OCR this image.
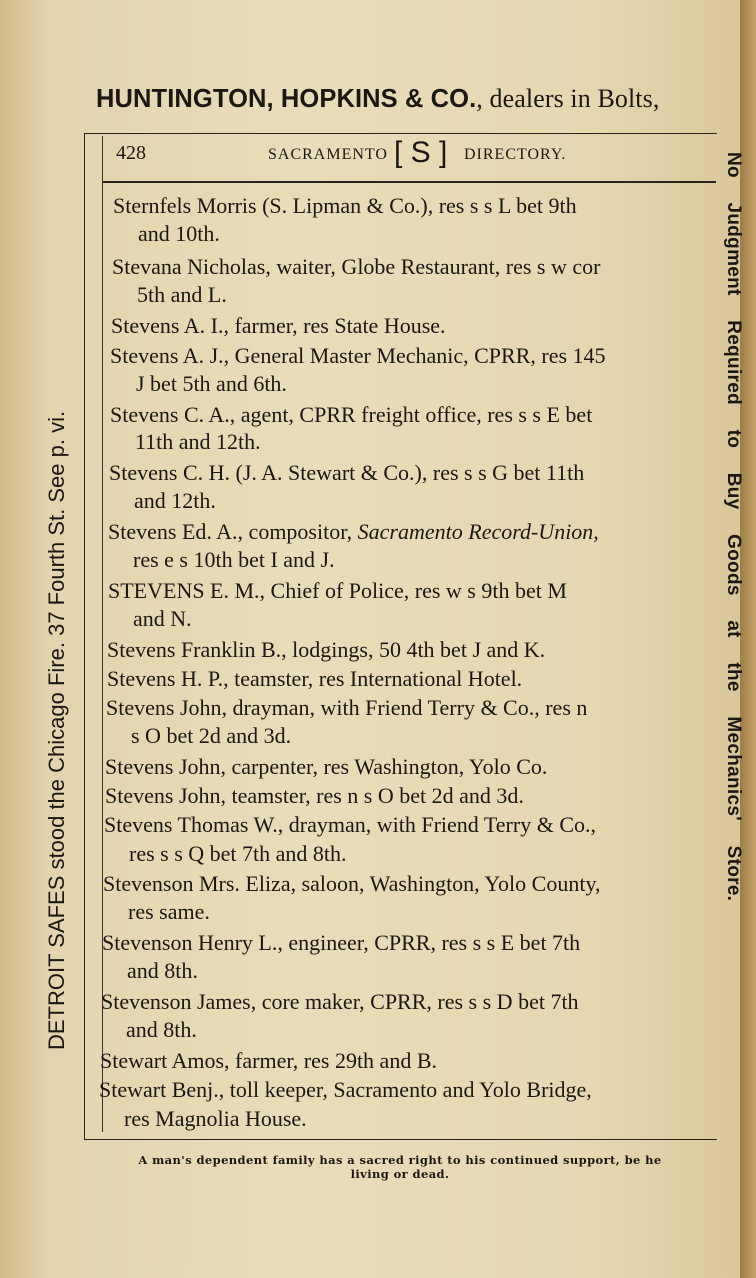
HUNTINGTON, HOPKINS & CO., dealers in Bolts,
428	SACRAMENTO [ S ] DIRECTORY.
Sternfels Morris (S. Lipman & Co.), res s s L bet 9th
and 10th.
Stevana Nicholas, waiter, Globe Restaurant, res s w cor
5th and L.
Stevens A. I., farmer, res State House.
Stevens A. J., General Master Mechanic, CPRR, res 145
J bet 5th and 6th.
Stevens C. A., agent, CPRR freight office, res s s E bet
11th and 12th.
Stevens C. H. (J. A. Stewart & Co.), res s s G bet 11th
and 12th.
Stevens Ed. A., compositor, Sacramento Record-Union,
res e s 10th bet I and J.
STEVENS E. M., Chief of Police, res w s 9th bet M
and N.
Stevens Franklin B., lodgings, 50 4th bet J and K.
Stevens H. P., teamster, res International Hotel.
Stevens John, drayman, with Friend Terry & Co., res n
s O bet 2d and 3d.
Stevens John, carpenter, res Washington, Yolo Co.
Stevens John, teamster, res n s O bet 2d and 3d.
Stevens Thomas W., drayman, with Friend Terry & Co.,
res s s Q bet 7th and 8th.
Stevenson Mrs. Eliza, saloon, Washington, Yolo County,
res same.
Stevenson Henry L., engineer, CPRR, res s s E bet 7th
and 8th.
Stevenson James, core maker, CPRR, res s s D bet 7th
and 8th.
Stewart Amos, farmer, res 29th and B.
Stewart Benj., toll keeper, Sacramento and Yolo Bridge,
res Magnolia House.
DETROIT SAFES stood the Chicago Fire. 37 Fourth St. See p. vi.	No Judgment Required to Buy Goods at the Mechanics' Store.
A man's dependent family has a sacred right to his continued support, be he
living or dead.
